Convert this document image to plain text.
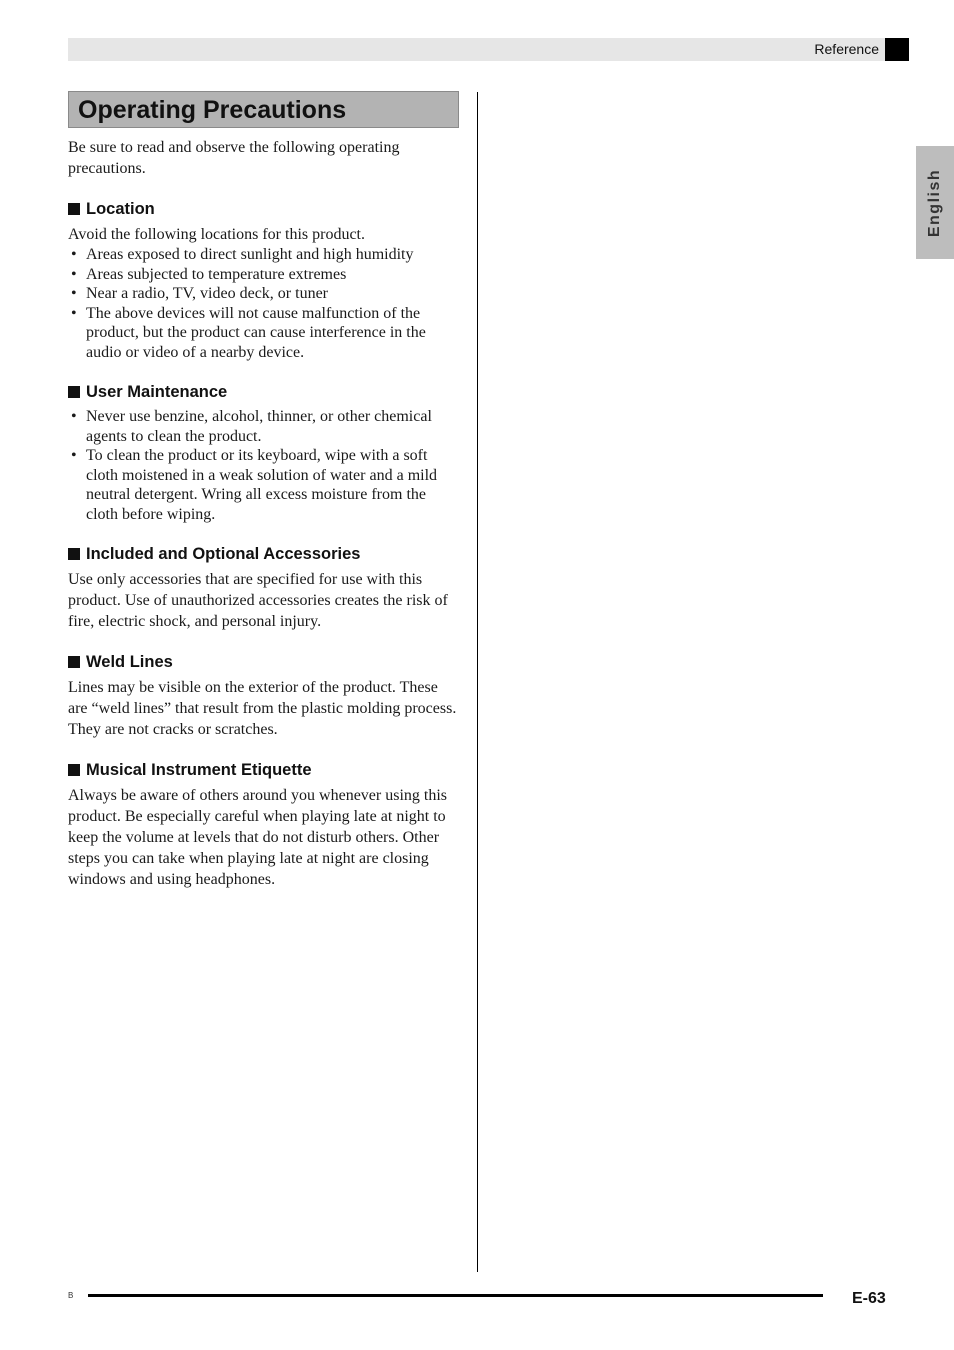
Reference
English
Operating Precautions

Be sure to read and observe the following operating precautions.

Location

Avoid the following locations for this product.

• Areas exposed to direct sunlight and high humidity
• Areas subjected to temperature extremes
• Near a radio, TV, video deck, or tuner
• The above devices will not cause malfunction of the product, but the product can cause interference in the audio or video of a nearby device.
User Maintenance
• Never use benzine, alcohol, thinner, or other chemical agents to clean the product.
• To clean the product or its keyboard, wipe with a soft cloth moistened in a weak solution of water and a mild neutral detergent. Wring all excess moisture from the cloth before wiping.
Included and Optional Accessories

Use only accessories that are specified for use with this product. Use of unauthorized accessories creates the risk of fire, electric shock, and personal injury.

Weld Lines

Lines may be visible on the exterior of the product. These are “weld lines” that result from the plastic molding process. They are not cracks or scratches.

Musical Instrument Etiquette

Always be aware of others around you whenever using this product. Be especially careful when playing late at night to keep the volume at levels that do not disturb others. Other steps you can take when playing late at night are closing windows and using headphones.

B	E-63
